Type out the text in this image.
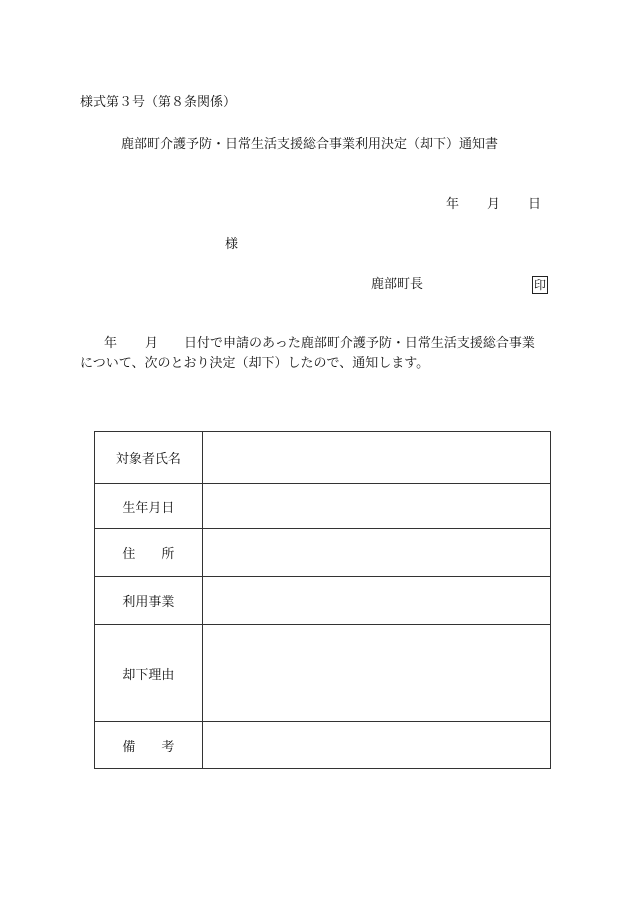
様式第３号（第８条関係）
鹿部町介護予防・日常生活支援総合事業利用決定（却下）通知書
年 月 日
様
鹿部町長	印
年 月 日付で申請のあった鹿部町介護予防・日常生活支援総合事業
について、次のとおり決定（却下）したので、通知します。
対象者氏名	
生年月日	
住　　所	
利用事業	
却下理由	
備　　考	
